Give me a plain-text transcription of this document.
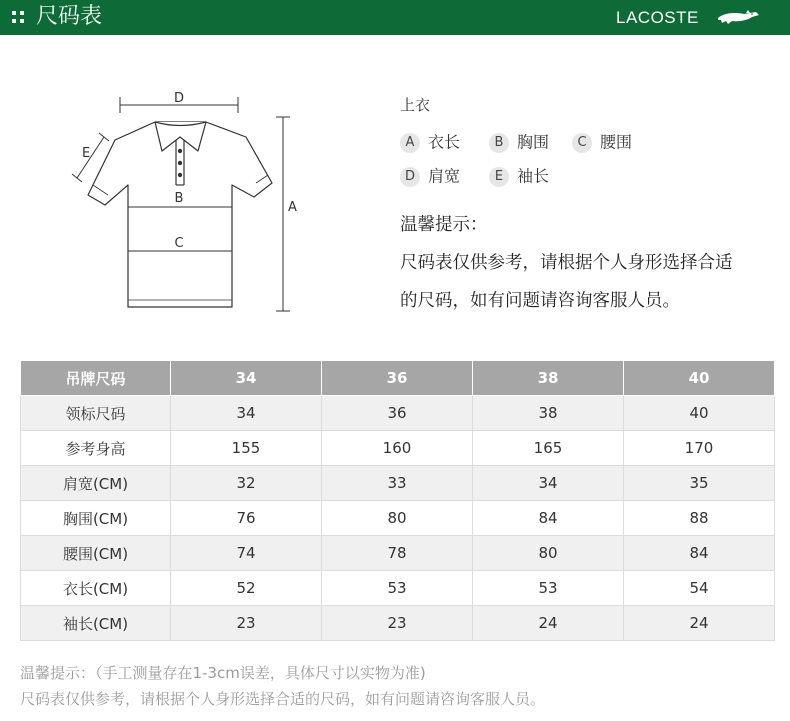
尺码表	LACOSTE
D
E
A
B
C
上衣
A 衣长	B 胸围	C 腰围
D 肩宽	E 袖长
温馨提示：
尺码表仅供参考，请根据个人身形选择合适
的尺码，如有问题请咨询客服人员。
吊牌尺码	34	36	38	40
领标尺码	34	36	38	40
参考身高	155	160	165	170
肩宽(CM)	32	33	34	35
胸围(CM)	76	80	84	88
腰围(CM)	74	78	80	84
衣长(CM)	52	53	53	54
袖长(CM)	23	23	24	24
温馨提示：（手工测量存在1-3cm误差，具体尺寸以实物为准)
尺码表仅供参考，请根据个人身形选择合适的尺码，如有问题请咨询客服人员。
